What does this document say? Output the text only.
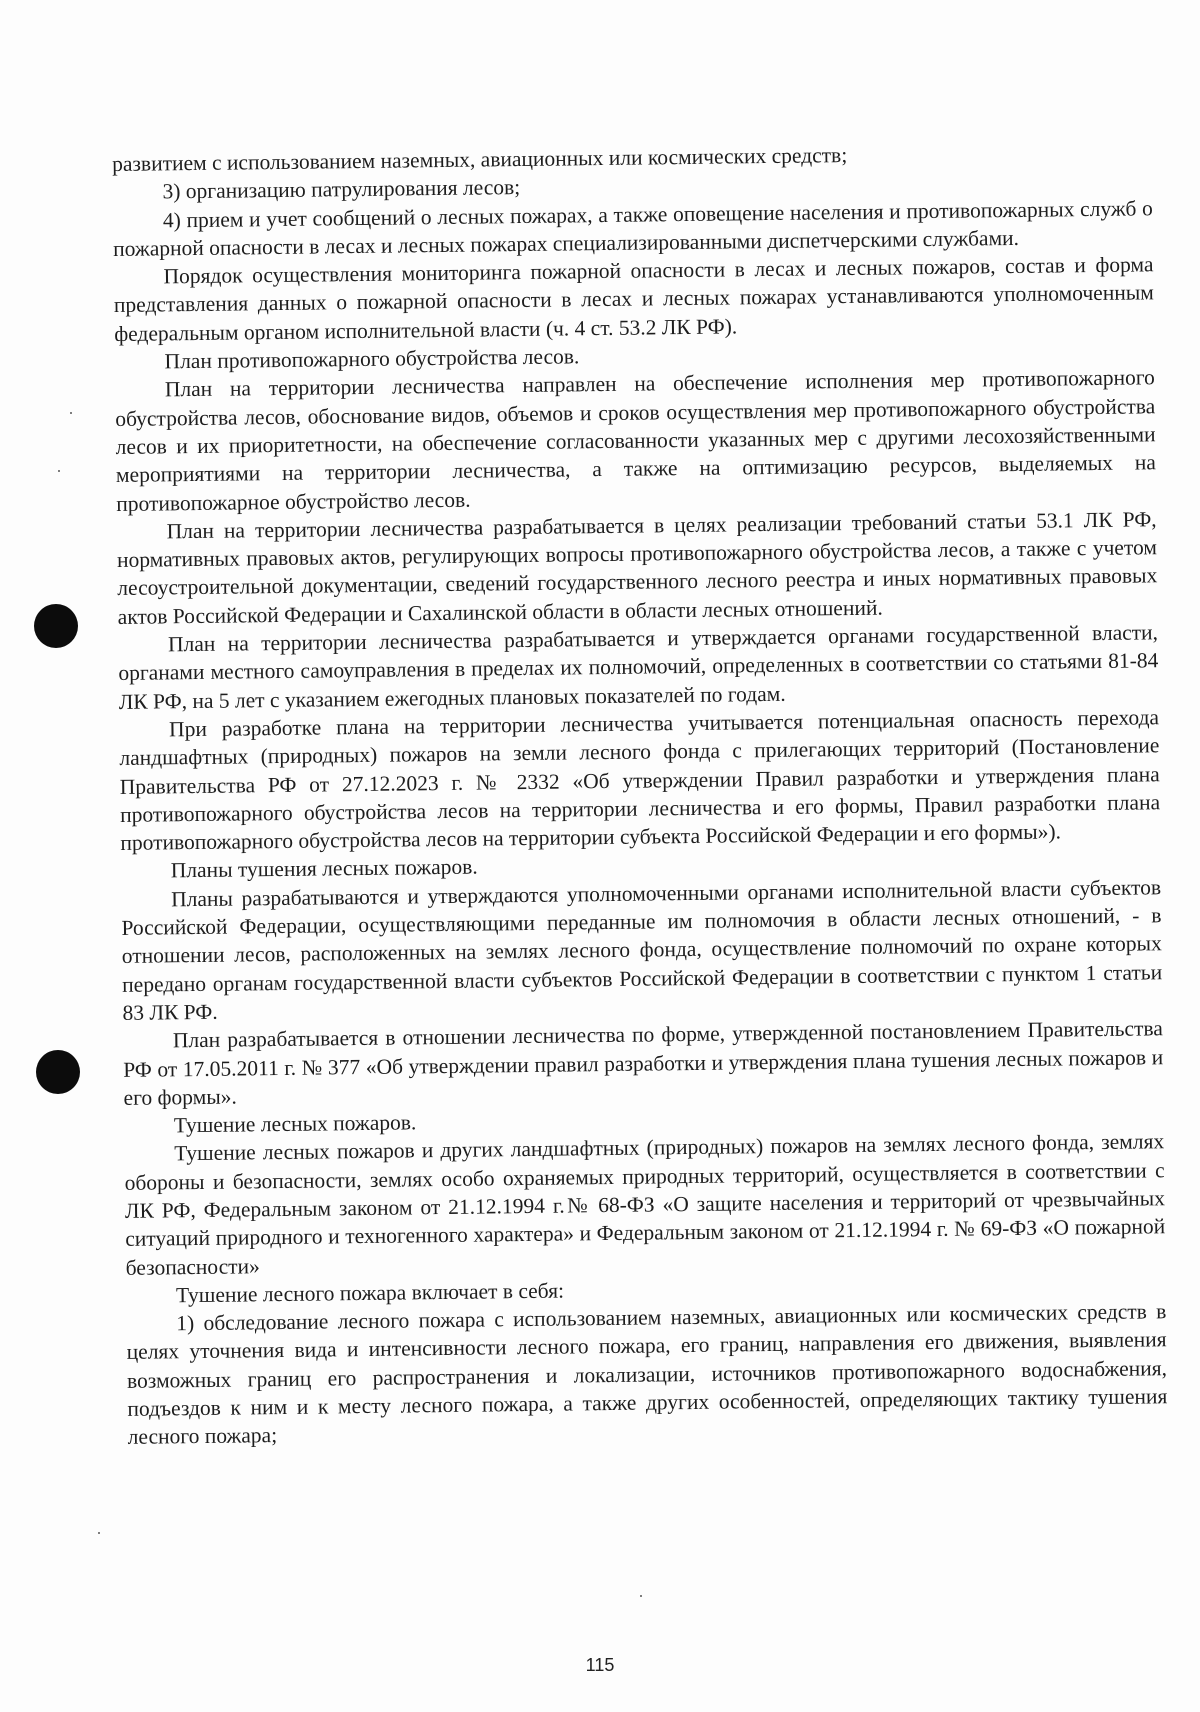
развитием с использованием наземных, авиационных или космических средств;

3) организацию патрулирования лесов;

4) прием и учет сообщений о лесных пожарах, а также оповещение населения и противопожарных служб о пожарной опасности в лесах и лесных пожарах специализированными диспетчерскими службами.

Порядок осуществления мониторинга пожарной опасности в лесах и лесных пожаров, состав и форма представления данных о пожарной опасности в лесах и лесных пожарах устанавливаются уполномоченным федеральным органом исполнительной власти (ч. 4 ст. 53.2 ЛК РФ).

План противопожарного обустройства лесов.

План на территории лесничества направлен на обеспечение исполнения мер противопожарного обустройства лесов, обоснование видов, объемов и сроков осуществления мер противопожарного обустройства лесов и их приоритетности, на обеспечение согласованности указанных мер с другими лесохозяйственными мероприятиями на территории лесничества, а также на оптимизацию ресурсов, выделяемых на противопожарное обустройство лесов.

План на территории лесничества разрабатывается в целях реализации требований статьи 53.1 ЛК РФ, нормативных правовых актов, регулирующих вопросы противопожарного обустройства лесов, а также с учетом лесоустроительной документации, сведений государственного лесного реестра и иных нормативных правовых актов Российской Федерации и Сахалинской области в области лесных отношений.

План на территории лесничества разрабатывается и утверждается органами государственной власти, органами местного самоуправления в пределах их полномочий, определенных в соответствии со статьями 81-84 ЛК РФ, на 5 лет с указанием ежегодных плановых показателей по годам.

При разработке плана на территории лесничества учитывается потенциальная опасность перехода ландшафтных (природных) пожаров на земли лесного фонда с прилегающих территорий (Постановление Правительства РФ от 27.12.2023 г. № 2332 «Об утверждении Правил разработки и утверждения плана противопожарного обустройства лесов на территории лесничества и его формы, Правил разработки плана противопожарного обустройства лесов на территории субъекта Российской Федерации и его формы»).

Планы тушения лесных пожаров.

Планы разрабатываются и утверждаются уполномоченными органами исполнительной власти субъектов Российской Федерации, осуществляющими переданные им полномочия в области лесных отношений, - в отношении лесов, расположенных на землях лесного фонда, осуществление полномочий по охране которых передано органам государственной власти субъектов Российской Федерации в соответствии с пунктом 1 статьи 83 ЛК РФ.

План разрабатывается в отношении лесничества по форме, утвержденной постановлением Правительства РФ от 17.05.2011 г. № 377 «Об утверждении правил разработки и утверждения плана тушения лесных пожаров и его формы».

Тушение лесных пожаров.

Тушение лесных пожаров и других ландшафтных (природных) пожаров на землях лесного фонда, землях обороны и безопасности, землях особо охраняемых природных территорий, осуществляется в соответствии с ЛК РФ, Федеральным законом от 21.12.1994 г.№ 68-ФЗ «О защите населения и территорий от чрезвычайных ситуаций природного и техногенного характера» и Федеральным законом от 21.12.1994 г. № 69-ФЗ «О пожарной безопасности»

Тушение лесного пожара включает в себя:

1) обследование лесного пожара с использованием наземных, авиационных или космических средств в целях уточнения вида и интенсивности лесного пожара, его границ, направления его движения, выявления возможных границ его распространения и локализации, источников противопожарного водоснабжения, подъездов к ним и к месту лесного пожара, а также других особенностей, определяющих тактику тушения лесного пожара;

115
